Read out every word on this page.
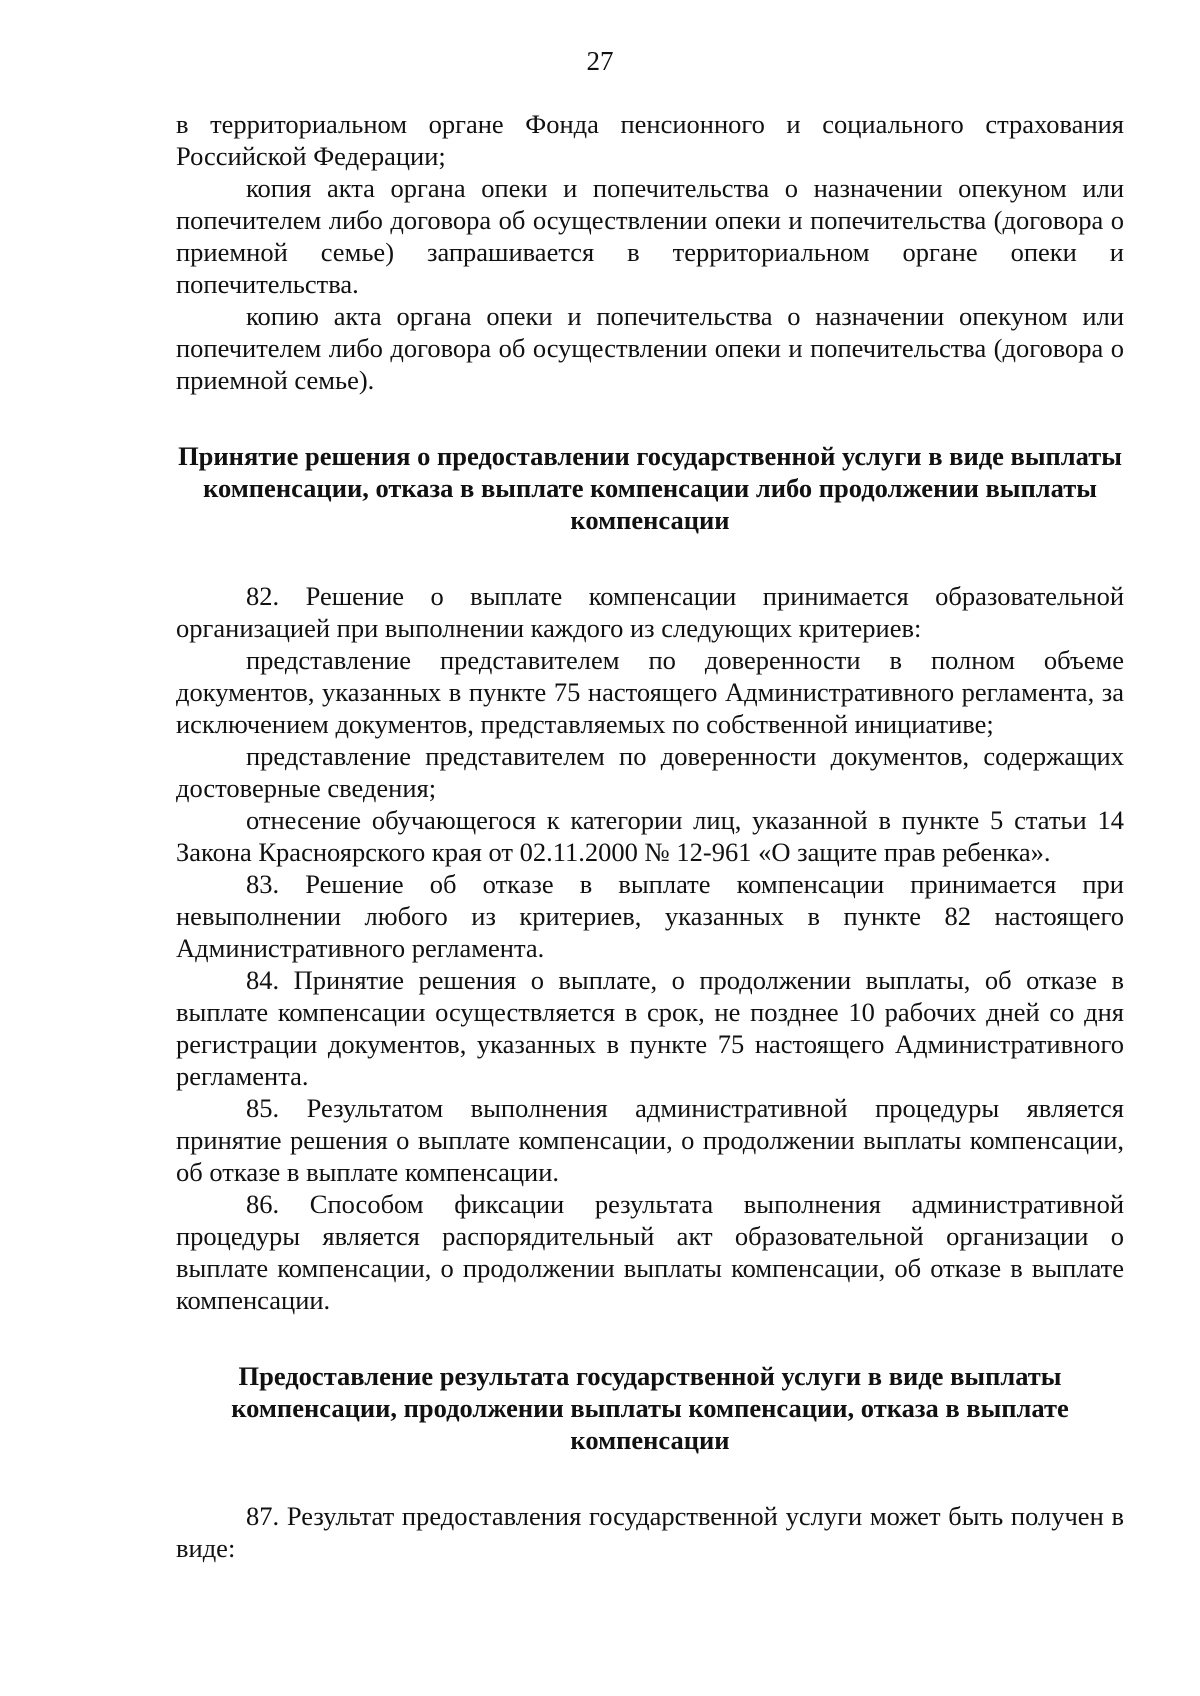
27

в территориальном органе Фонда пенсионного и социального страхования Российской Федерации;

копия акта органа опеки и попечительства о назначении опекуном или попечителем либо договора об осуществлении опеки и попечительства (договора о приемной семье) запрашивается в территориальном органе опеки и попечительства.

копию акта органа опеки и попечительства о назначении опекуном или попечителем либо договора об осуществлении опеки и попечительства (договора о приемной семье).

Принятие решения о предоставлении государственной услуги в виде выплаты компенсации, отказа в выплате компенсации либо продолжении выплаты компенсации

82. Решение о выплате компенсации принимается образовательной организацией при выполнении каждого из следующих критериев:

представление представителем по доверенности в полном объеме документов, указанных в пункте 75 настоящего Административного регламента, за исключением документов, представляемых по собственной инициативе;

представление представителем по доверенности документов, содержащих достоверные сведения;

отнесение обучающегося к категории лиц, указанной в пункте 5 статьи 14 Закона Красноярского края от 02.11.2000 № 12-961 «О защите прав ребенка».

83. Решение об отказе в выплате компенсации принимается при невыполнении любого из критериев, указанных в пункте 82 настоящего Административного регламента.

84. Принятие решения о выплате, о продолжении выплаты, об отказе в выплате компенсации осуществляется в срок, не позднее 10 рабочих дней со дня регистрации документов, указанных в пункте 75 настоящего Административного регламента.

85. Результатом выполнения административной процедуры является принятие решения о выплате компенсации, о продолжении выплаты компенсации, об отказе в выплате компенсации.

86. Способом фиксации результата выполнения административной процедуры является распорядительный акт образовательной организации о выплате компенсации, о продолжении выплаты компенсации, об отказе в выплате компенсации.

Предоставление результата государственной услуги в виде выплаты компенсации, продолжении выплаты компенсации, отказа в выплате компенсации

87. Результат предоставления государственной услуги может быть получен в виде:
